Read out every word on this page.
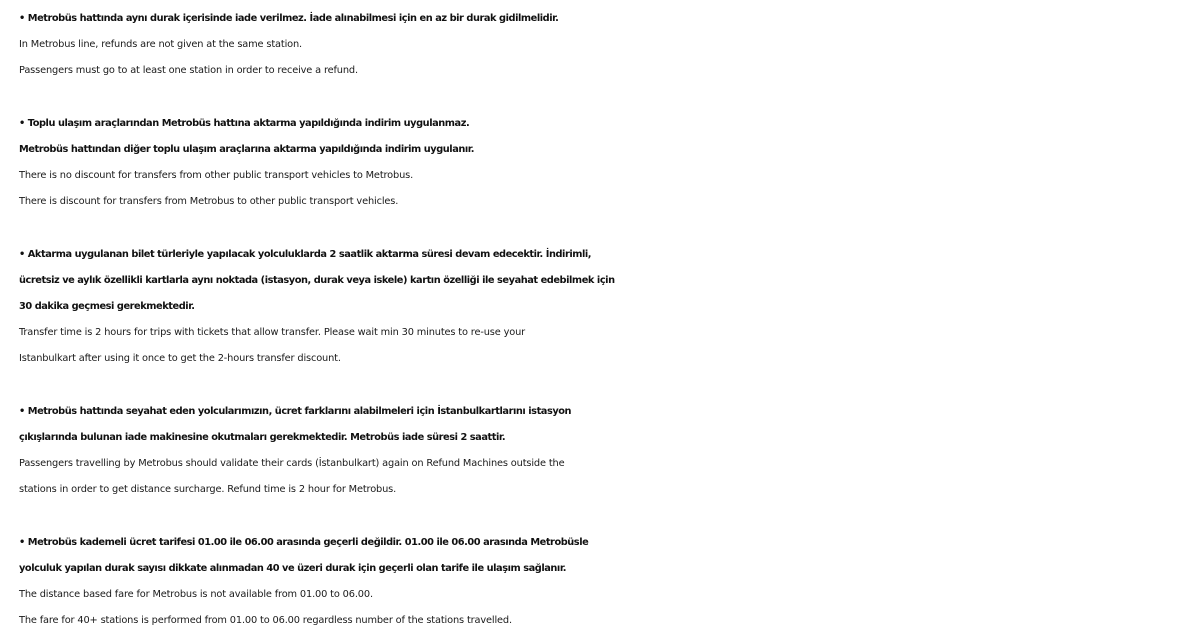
• Metrobüs hattında aynı durak içerisinde iade verilmez. İade alınabilmesi için en az bir durak gidilmelidir.
In Metrobus line, refunds are not given at the same station.
Passengers must go to at least one station in order to receive a refund.
• Toplu ulaşım araçlarından Metrobüs hattına aktarma yapıldığında indirim uygulanmaz.
Metrobüs hattından diğer toplu ulaşım araçlarına aktarma yapıldığında indirim uygulanır.
There is no discount for transfers from other public transport vehicles to Metrobus.
There is discount for transfers from Metrobus to other public transport vehicles.
• Aktarma uygulanan bilet türleriyle yapılacak yolculuklarda 2 saatlik aktarma süresi devam edecektir. İndirimli,
ücretsiz ve aylık özellikli kartlarla aynı noktada (istasyon, durak veya iskele) kartın özelliği ile seyahat edebilmek için
30 dakika geçmesi gerekmektedir.
Transfer time is 2 hours for trips with tickets that allow transfer. Please wait min 30 minutes to re-use your
Istanbulkart after using it once to get the 2-hours transfer discount.
• Metrobüs hattında seyahat eden yolcularımızın, ücret farklarını alabilmeleri için İstanbulkartlarını istasyon
çıkışlarında bulunan iade makinesine okutmaları gerekmektedir. Metrobüs iade süresi 2 saattir.
Passengers travelling by Metrobus should validate their cards (İstanbulkart) again on Refund Machines outside the
stations in order to get distance surcharge. Refund time is 2 hour for Metrobus.
• Metrobüs kademeli ücret tarifesi 01.00 ile 06.00 arasında geçerli değildir. 01.00 ile 06.00 arasında Metrobüsle
yolculuk yapılan durak sayısı dikkate alınmadan 40 ve üzeri durak için geçerli olan tarife ile ulaşım sağlanır.
The distance based fare for Metrobus is not available from 01.00 to 06.00.
The fare for 40+ stations is performed from 01.00 to 06.00 regardless number of the stations travelled.
